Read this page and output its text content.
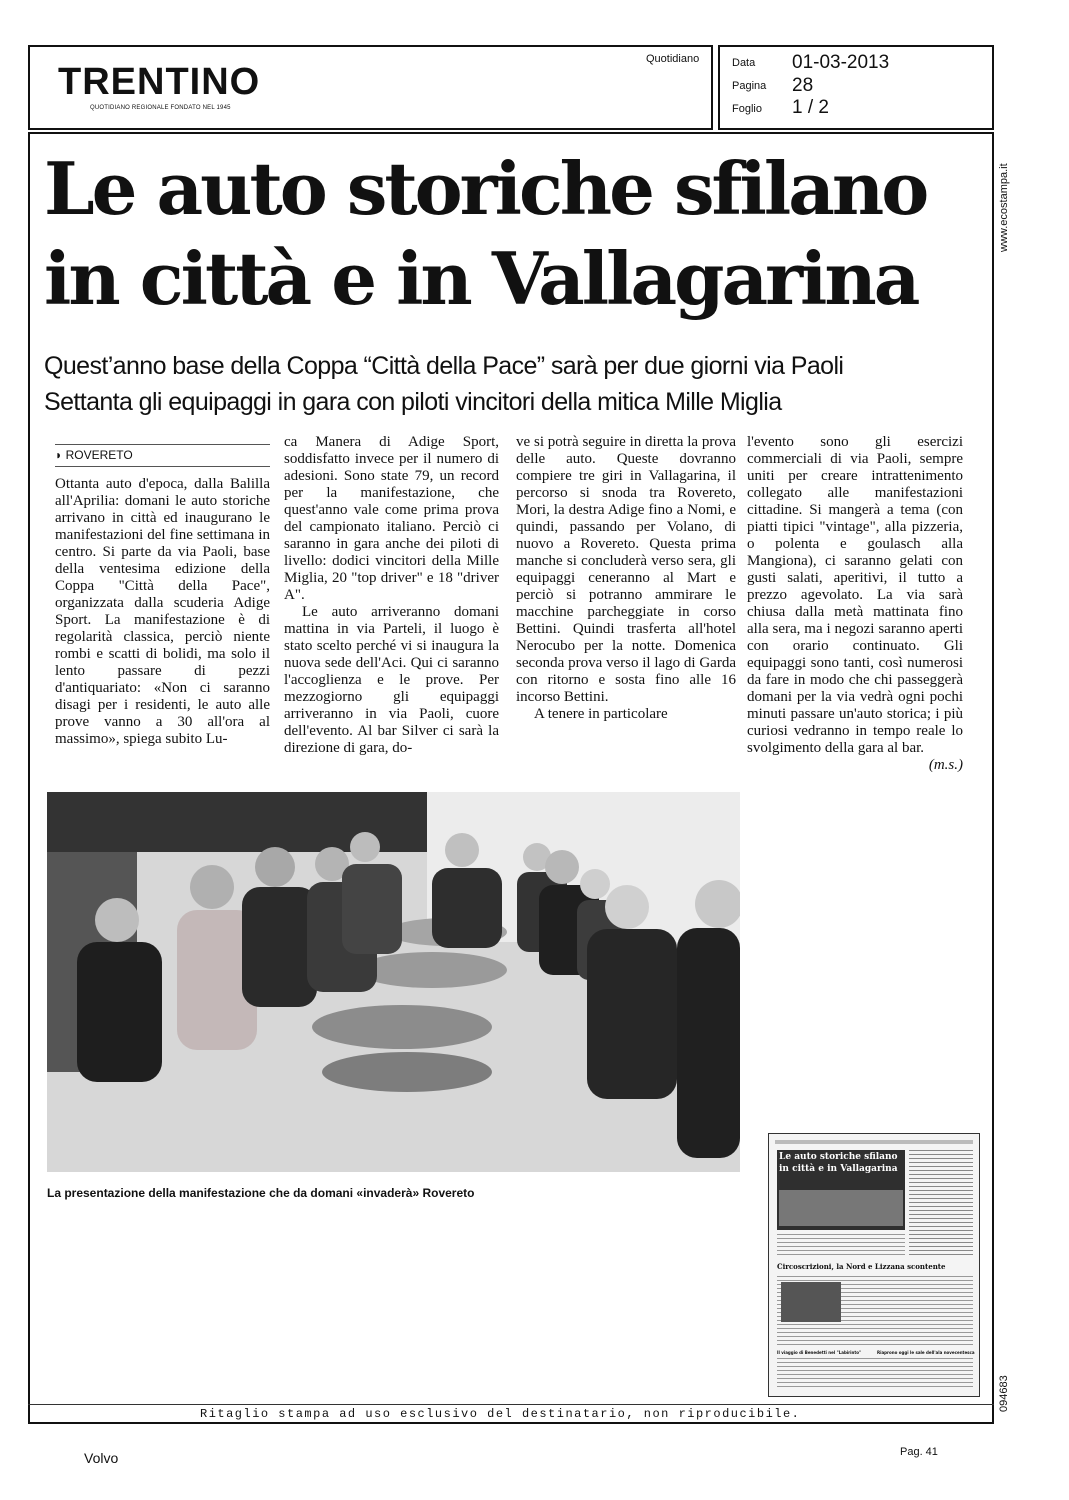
TRENTINO
QUOTIDIANO REGIONALE FONDATO NEL 1945
Quotidiano	Data 01-03-2013
Pagina 28
Foglio 1 / 2
www.ecostampa.it
094683
Le auto storiche sfilano
in città e in Vallagarina
Quest’anno base della Coppa “Città della Pace” sarà per due giorni via Paoli
Settanta gli equipaggi in gara con piloti vincitori della mitica Mille Miglia
◗ ROVERETO

Ottanta auto d'epoca, dalla Balilla all'Aprilia: domani le auto storiche arrivano in città ed inaugurano le manifestazioni del fine settimana in centro. Si parte da via Paoli, base della ventesima edizione della Coppa "Città della Pace", organizzata dalla scuderia Adige Sport. La manifestazione è di regolarità classica, perciò niente rombi e scatti di bolidi, ma solo il lento passare di pezzi d'antiquariato: «Non ci saranno disagi per i residenti, le auto alle prove vanno a 30 all'ora al massimo», spiega subito Lu-

ca Manera di Adige Sport, soddisfatto invece per il numero di adesioni. Sono state 79, un record per la manifestazione, che quest'anno vale come prima prova del campionato italiano. Perciò ci saranno in gara anche dei piloti di livello: dodici vincitori della Mille Miglia, 20 "top driver" e 18 "driver A".

Le auto arriveranno domani mattina in via Parteli, il luogo è stato scelto perché vi si inaugura la nuova sede dell'Aci. Qui ci saranno l'accoglienza e le prove. Per mezzogiorno gli equipaggi arriveranno in via Paoli, cuore dell'evento. Al bar Silver ci sarà la direzione di gara, do-

ve si potrà seguire in diretta la prova delle auto. Queste dovranno compiere tre giri in Vallagarina, il percorso si snoda tra Rovereto, Mori, la destra Adige fino a Nomi, e quindi, passando per Volano, di nuovo a Rovereto. Questa prima manche si concluderà verso sera, gli equipaggi ceneranno al Mart e perciò si potranno ammirare le macchine parcheggiate in corso Bettini. Quindi trasferta all'hotel Nerocubo per la notte. Domenica seconda prova verso il lago di Garda con ritorno e sosta fino alle 16 incorso Bettini.

A tenere in particolare

l'evento sono gli esercizi commerciali di via Paoli, sempre uniti per creare intrattenimento collegato alle manifestazioni cittadine. Si mangerà a tema (con piatti tipici "vintage", alla pizzeria, o polenta e goulasch alla Mangiona), ci saranno gelati con gusti salati, aperitivi, il tutto a prezzo agevolato. La via sarà chiusa dalla metà mattinata fino alla sera, ma i negozi saranno aperti con orario continuato. Gli equipaggi sono tanti, così numerosi da fare in modo che chi passeggerà domani per la via vedrà ogni pochi minuti passare un'auto storica; i più curiosi vedranno in tempo reale lo svolgimento della gara al bar.

(m.s.)

La presentazione della manifestazione che da domani «invaderà» Rovereto
Le auto storiche sfilano
in città e in Vallagarina
Circoscrizioni, la Nord e Lizzana scontente
Il viaggio di Benedetti nel "Labirinto"	Riaprono oggi le sale dell'ala novecentesca
Ritaglio stampa ad uso esclusivo del destinatario, non riproducibile.
Volvo	Pag. 41
